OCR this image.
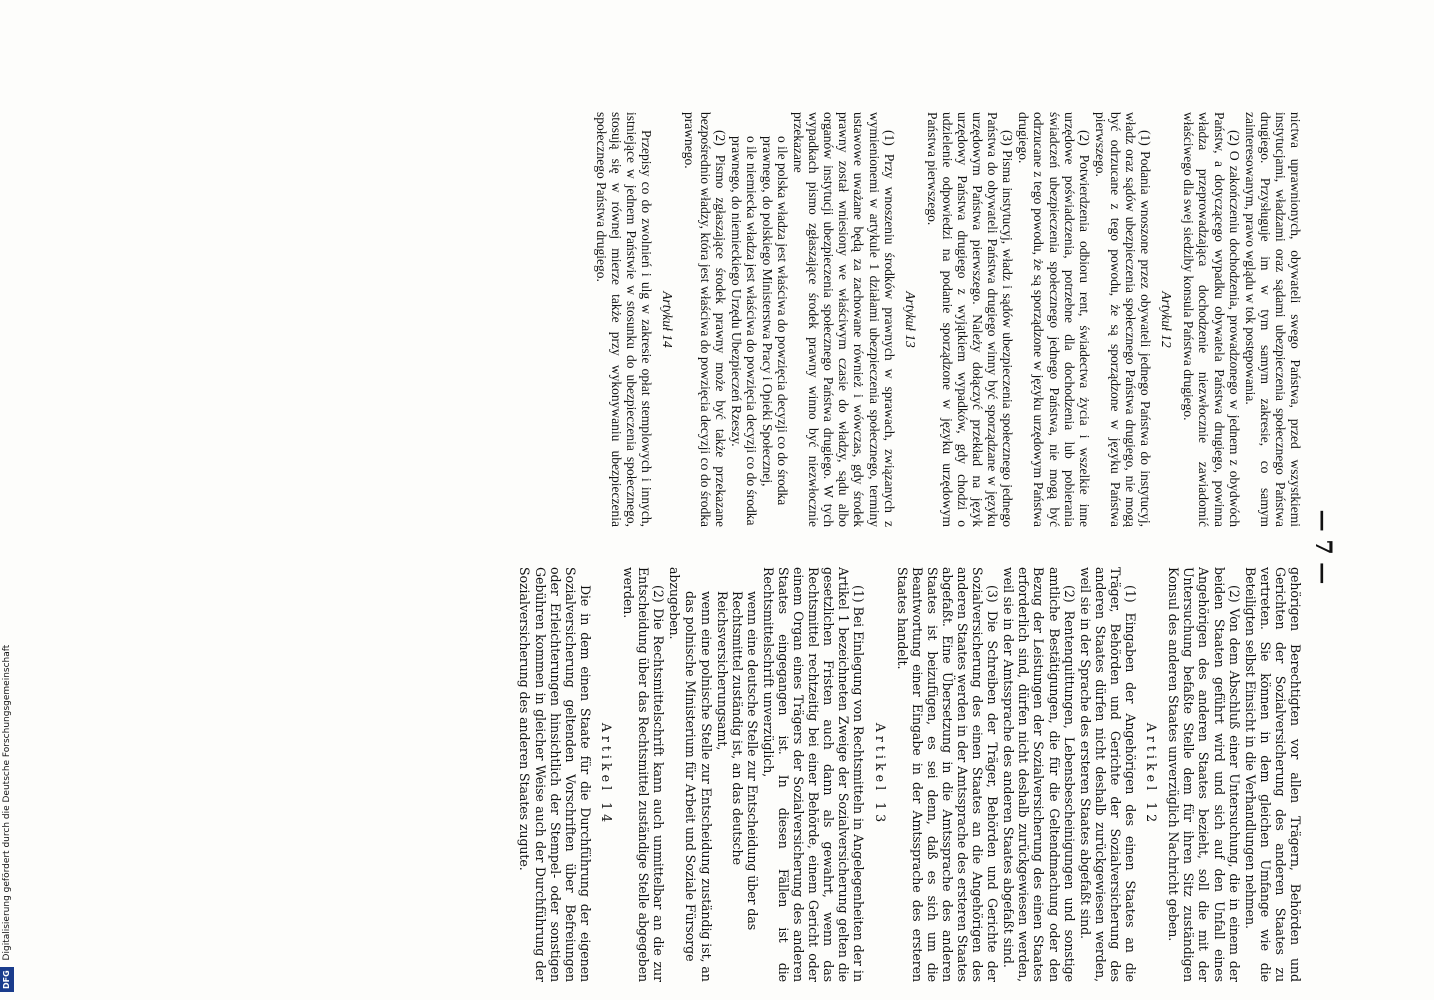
— 7 —

nictwa uprawnionych, obywateli swego Państwa, przed wszystkiemi instytucjami, władzami oraz sądami ubezpieczenia społecznego Państwa drugiego. Przysługuje im w tym samym zakresie, co samym zainteresowanym, prawo wglądu w tok postępowania.

(2) O zakończeniu dochodzenia, prowadzonego w jednem z obydwóch Państw, a dotyczącego wypadku obywatela Państwa drugiego, powinna władza przeprowadzająca dochodzenie niezwłocznie zawiadomić właściwego dla swej siedziby konsula Państwa drugiego.

Artykuł 12

(1) Podania wnoszone przez obywateli jednego Państwa do instytucyj, władz oraz sądów ubezpieczenia społecznego Państwa drugiego, nie mogą być odrzucane z tego powodu, że są sporządzone w języku Państwa pierwszego.

(2) Potwierdzenia odbioru rent, świadectwa życia i wszelkie inne urzędowe poświadczenia, potrzebne dla dochodzenia lub pobierania świadczeń ubezpieczenia społecznego jednego Państwa, nie mogą być odrzucane z tego powodu, że są sporządzone w języku urzędowym Państwa drugiego.

(3) Pisma instytucyj, władz i sądów ubezpieczenia społecznego jednego Państwa do obywateli Państwa drugiego winny być sporządzane w języku urzędowym Państwa pierwszego. Należy dołączyć przekład na język urzędowy Państwa drugiego z wyjątkiem wypadków, gdy chodzi o udzielenie odpowiedzi na podanie sporządzone w języku urzędowym Państwa pierwszego.

Artykuł 13

(1) Przy wnoszeniu środków prawnych w sprawach, związanych z wymienionemi w artykule 1 działami ubezpieczenia społecznego, terminy ustawowe uważane będą za zachowane również i wówczas, gdy środek prawny został wniesiony we właściwym czasie do władzy, sądu albo organów instytucji ubezpieczenia społecznego Państwa drugiego. W tych wypadkach pismo zgłaszające środek prawny winno być niezwłocznie przekazane

o ile polska władza jest właściwa do powzięcia decyzji co do środka prawnego, do polskiego Ministerstwa Pracy i Opieki Społecznej,

o ile niemiecka władza jest właściwa do powzięcia decyzji co do środka prawnego, do niemieckiego Urzędu Ubezpieczeń Rzeszy.

(2) Pismo zgłaszające środek prawny może być także przekazane bezpośrednio władzy, która jest właściwa do powzięcia decyzji co do środka prawnego.

Artykuł 14

Przepisy co do zwolnień i ulg w zakresie opłat stemplowych i innych, istniejące w jednem Państwie w stosunku do ubezpieczenia społecznego, stosują się w równej mierze także przy wykonywaniu ubezpieczenia społecznego Państwa drugiego.

gehörigen Berechtigten vor allen Trägern, Behörden und Gerichten der Sozialversicherung des anderen Staates zu vertreten. Sie können in dem gleichen Umfange wie die Beteiligten selbst Einsicht in die Verhandlungen nehmen.

(2) Von dem Abschluß einer Untersuchung, die in einem der beiden Staaten geführt wird und sich auf den Unfall eines Angehörigen des anderen Staates bezieht, soll die mit der Untersuchung befaßte Stelle dem für ihren Sitz zuständigen Konsul des anderen Staates unverzüglich Nachricht geben.

Artikel 12

(1) Eingaben der Angehörigen des einen Staates an die Träger, Behörden und Gerichte der Sozialversicherung des anderen Staates dürfen nicht deshalb zurückgewiesen werden, weil sie in der Sprache des ersteren Staates abgefaßt sind.

(2) Rentenquittungen, Lebensbescheinigungen und sonstige amtliche Bestätigungen, die für die Geltendmachung oder den Bezug der Leistungen der Sozialversicherung des einen Staates erforderlich sind, dürfen nicht deshalb zurückgewiesen werden, weil sie in der Amtssprache des anderen Staates abgefaßt sind.

(3) Die Schreiben der Träger, Behörden und Gerichte der Sozialversicherung des einen Staates an die Angehörigen des anderen Staates werden in der Amtssprache des ersteren Staates abgefaßt. Eine Übersetzung in die Amtssprache des anderen Staates ist beizufügen, es sei denn, daß es sich um die Beantwortung einer Eingabe in der Amtssprache des ersteren Staates handelt.

Artikel 13

(1) Bei Einlegung von Rechtsmitteln in Angelegenheiten der in Artikel 1 bezeichneten Zweige der Sozialversicherung gelten die gesetzlichen Fristen auch dann als gewahrt, wenn das Rechtsmittel rechtzeitig bei einer Behörde, einem Gericht oder einem Organ eines Trägers der Sozialversicherung des anderen Staates eingegangen ist. In diesen Fällen ist die Rechtsmittelschrift unverzüglich,

wenn eine deutsche Stelle zur Entscheidung über das Rechtsmittel zuständig ist, an das deutsche Reichsversicherungsamt,

wenn eine polnische Stelle zur Entscheidung zuständig ist, an das polnische Ministerium für Arbeit und Soziale Fürsorge

abzugeben.

(2) Die Rechtsmittelschrift kann auch unmittelbar an die zur Entscheidung über das Rechtsmittel zuständige Stelle abgegeben werden.

Artikel 14

Die in dem einen Staate für die Durchführung der eigenen Sozialversicherung geltenden Vorschriften über Befreiungen oder Erleichterungen hinsichtlich der Stempel- oder sonstigen Gebühren kommen in gleicher Weise auch der Durchführung der Sozialversicherung des anderen Staates zugute.

DFG Digitalisierung gefördert durch die Deutsche Forschungsgemeinschaft
